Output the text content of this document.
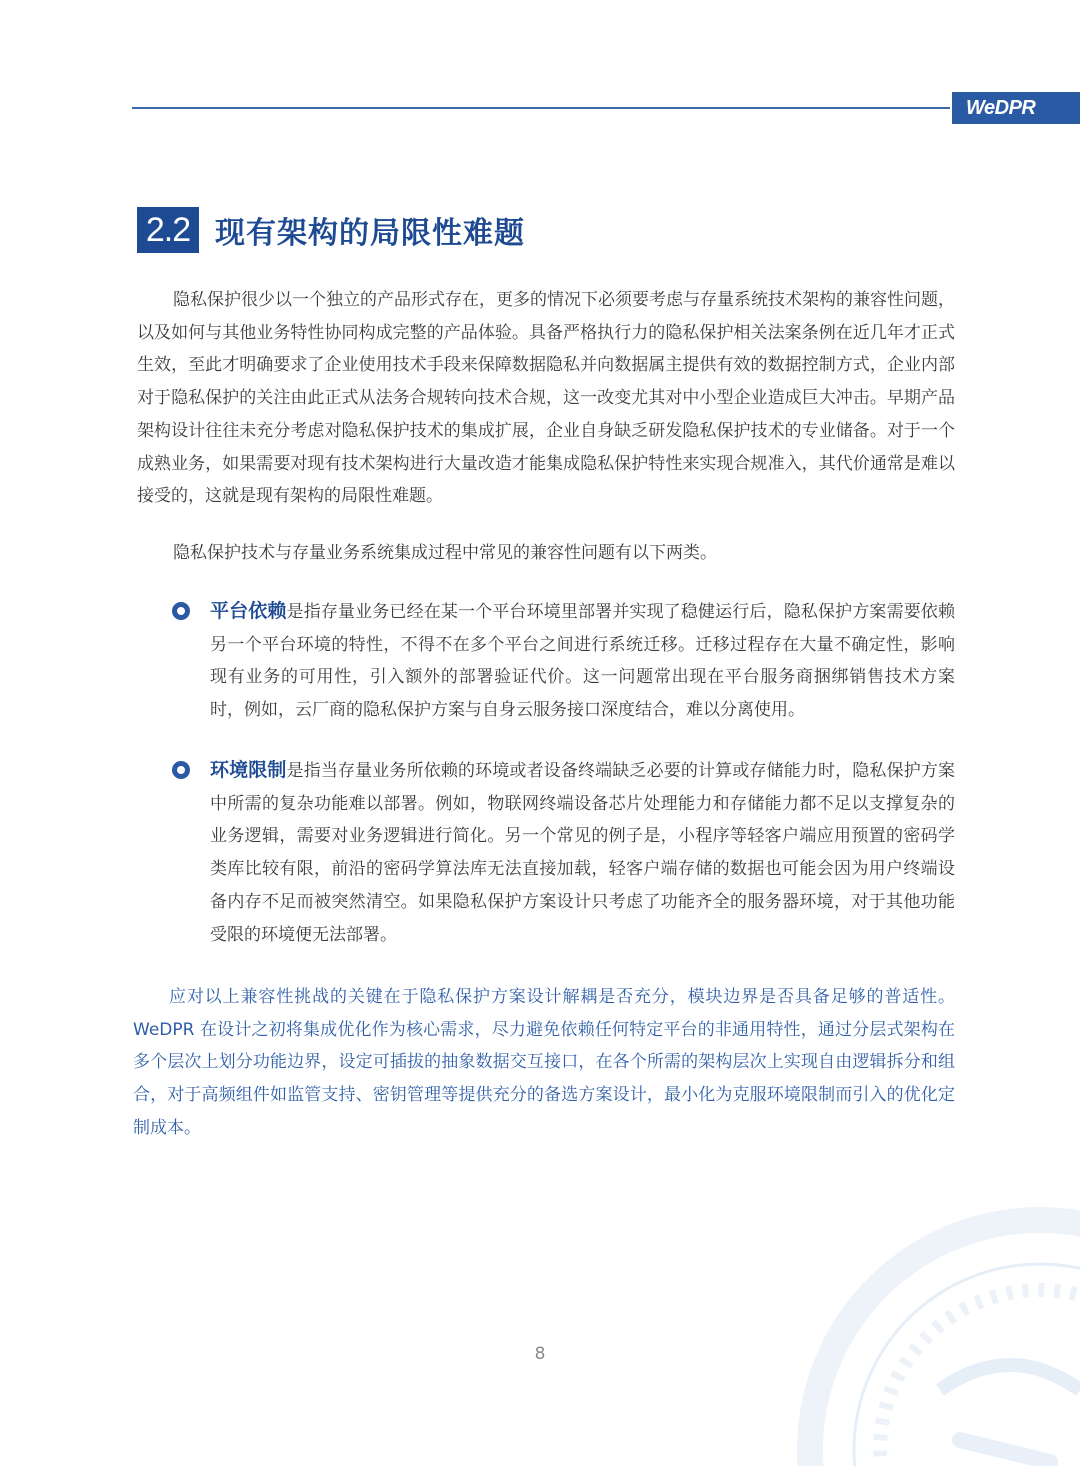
WeDPR
2.2 现有架构的局限性难题

隐私保护很少以一个独立的产品形式存在，更多的情况下必须要考虑与存量系统技术架构的兼容性问题，以及如何与其他业务特性协同构成完整的产品体验。具备严格执行力的隐私保护相关法案条例在近几年才正式生效，至此才明确要求了企业使用技术手段来保障数据隐私并向数据属主提供有效的数据控制方式，企业内部对于隐私保护的关注由此正式从法务合规转向技术合规，这一改变尤其对中小型企业造成巨大冲击。早期产品架构设计往往未充分考虑对隐私保护技术的集成扩展，企业自身缺乏研发隐私保护技术的专业储备。对于一个成熟业务，如果需要对现有技术架构进行大量改造才能集成隐私保护特性来实现合规准入，其代价通常是难以接受的，这就是现有架构的局限性难题。

隐私保护技术与存量业务系统集成过程中常见的兼容性问题有以下两类。

平台依赖是指存量业务已经在某一个平台环境里部署并实现了稳健运行后，隐私保护方案需要依赖另一个平台环境的特性，不得不在多个平台之间进行系统迁移。迁移过程存在大量不确定性，影响现有业务的可用性，引入额外的部署验证代价。这一问题常出现在平台服务商捆绑销售技术方案时，例如，云厂商的隐私保护方案与自身云服务接口深度结合，难以分离使用。

环境限制是指当存量业务所依赖的环境或者设备终端缺乏必要的计算或存储能力时，隐私保护方案中所需的复杂功能难以部署。例如，物联网终端设备芯片处理能力和存储能力都不足以支撑复杂的业务逻辑，需要对业务逻辑进行简化。另一个常见的例子是，小程序等轻客户端应用预置的密码学类库比较有限，前沿的密码学算法库无法直接加载，轻客户端存储的数据也可能会因为用户终端设备内存不足而被突然清空。如果隐私保护方案设计只考虑了功能齐全的服务器环境，对于其他功能受限的环境便无法部署。

应对以上兼容性挑战的关键在于隐私保护方案设计解耦是否充分，模块边界是否具备足够的普适性。WeDPR 在设计之初将集成优化作为核心需求，尽力避免依赖任何特定平台的非通用特性，通过分层式架构在多个层次上划分功能边界，设定可插拔的抽象数据交互接口，在各个所需的架构层次上实现自由逻辑拆分和组合，对于高频组件如监管支持、密钥管理等提供充分的备选方案设计，最小化为克服环境限制而引入的优化定制成本。

8
